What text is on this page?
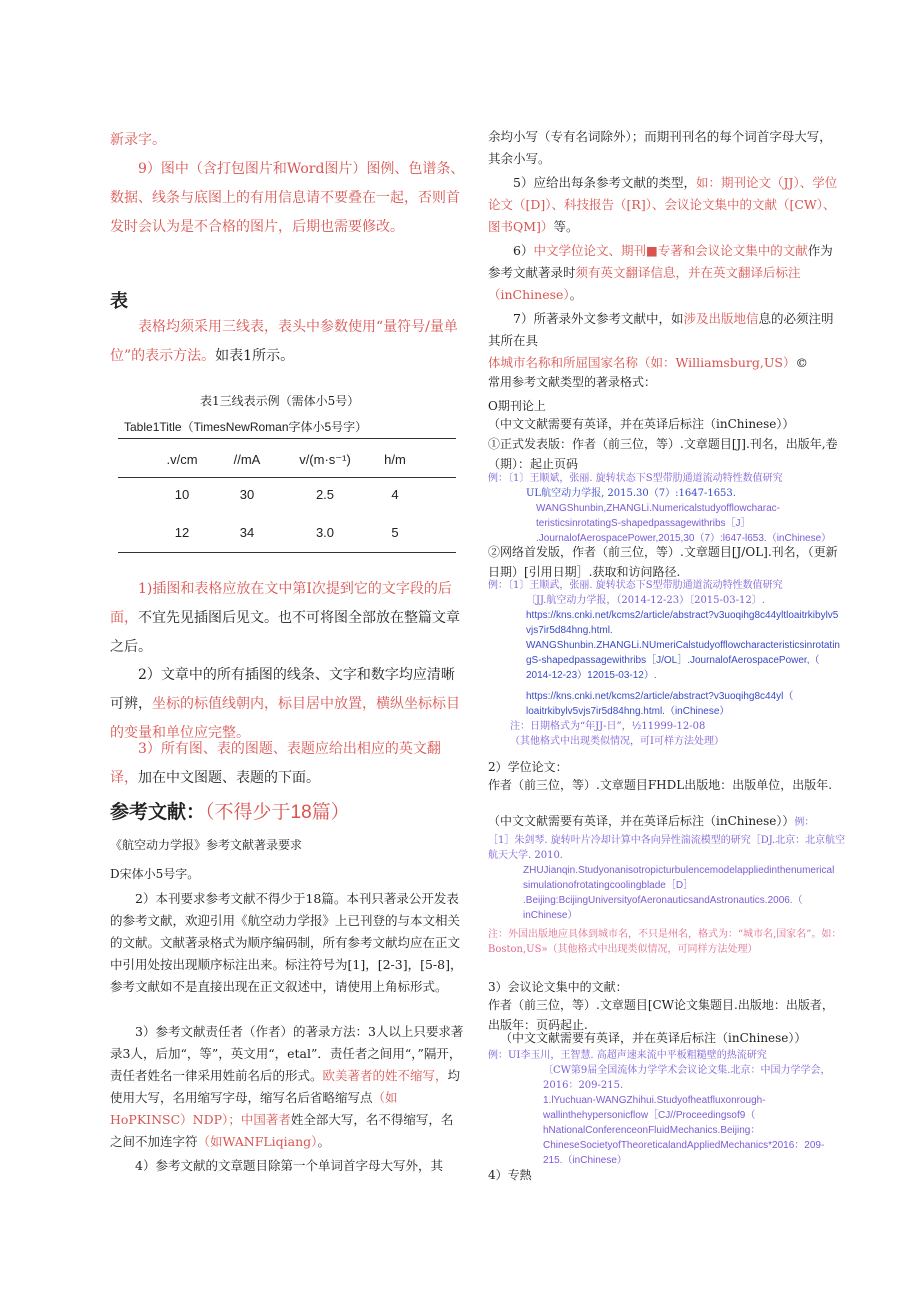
新录字。
9）图中（含打包图片和Word图片）图例、色谱条、数据、线条与底图上的有用信息请不要叠在一起，否则首发时会认为是不合格的图片，后期也需要修改。
表
表格均须采用三线表，表头中参数使用“量符号/量单位”的表示方法。如表1所示。
表1三线表示例（需体小5号）
Table1Title（TimesNewRoman字体小5号字）
.v/cm	//mA	v/(m·s⁻¹)	h/m
10	30	2.5	4
12	34	3.0	5
1)插图和表格应放在文中第Ⅰ次提到它的文字段的后面，不宜先见插图后见文。也不可将图全部放在整篇文章之后。
2）文章中的所有插图的线条、文字和数字均应清晰可辨，坐标的标值线朝内，标目居中放置，横纵坐标标目的变量和单位应完整。
3）所有图、表的图题、表题应给出相应的英文翻译，加在中文图题、表题的下面。
参考文献：（不得少于18篇）
《航空动力学报》参考文献著录要求
D宋体小5号字。
2）本刊要求参考文献不得少于18篇。本刊只著录公开发表的参考文献，欢迎引用《航空动力学报》上已刊登的与本文相关的文献。文献著录格式为顺序编码制，所有参考文献均应在正文中引用处按出现顺序标注出来。标注符号为[1]，[2-3]，[5-8]，参考文献如不是直接出现在正文叙述中，请使用上角标形式。
3）参考文献责任者（作者）的著录方法：3人以上只要求著录3人，后加“，等”，英文用“，etal”．责任者之间用“，”隔开，责任者姓名一律采用姓前名后的形式。欧美著者的姓不缩写，均使用大写，名用缩写字母，缩写名后省略缩写点（如HoPKINSC）NDP）；中国著者姓全部大写，名不得缩写，名之间不加连字符（如WANFLiqiang）。
4）参考文献的文章题目除第一个单词首字母大写外，其
余均小写（专有名词除外）；而期刊刊名的每个词首字母大写，其余小写。
5）应给出每条参考文献的类型，如：期刊论文（JJ）、学位论文（[D]）、科技报告（[R]）、会议论文集中的文献（[CW）、图书QM]）等。
6）中文学位论文、期刊■专著和会议论文集中的文献作为参考文献著录时须有英文翻译信息，并在英文翻译后标注（inChinese）。
7）所著录外文参考文献中，如涉及出版地信息的必须注明其所在具体城市名称和所屈国家名称（如：Williamsburg,US）©
常用参考文献类型的著录格式：
O期刊论上
（中文文献需要有英译，并在英译后标注（inChinese））
①正式发表版：作者（前三位，等）.文章题目[J].刊名，出版年,卷（期）：起止页码
例：〔1〕王顺斌，张丽. 旋转状态下S型带肋通道流动特性数值研究
UL航空动力学报, 2015.30（7）:1647-1653.
WANGShunbin,ZHANGLi.Numericalstudyofflowcharac-
teristicsinrotatingS-shapedpassagewithribs［J］
.JournalofAerospacePower,2015,30（7）:l647-l653.（inChinese）
②网络首发版，作者（前三位，等）.文章题目[J/OL].刊名，（更新日期）[引用日期］.获取和访问路径.
例：〔1〕王顺武，张丽. 旋转状态下S型带肋通道流动特性数值研究
〔JJ.航空动力学报，（2014-12-23）〔2015-03-12〕.
https://kns.cnki.net/kcms2/article/abstract?v3uoqihg8c44yltloaitrkibylv5
vjs7ir5d84hng.html.
WANGShunbin.ZHANGLi.NUmeriCalstudyofflowcharacteristicsinrotatin
gS-shapedpassagewithribs［J/OL］.JournalofAerospacePower,（
2014-12-23）12015-03-12）.
https://kns.cnki.net/kcms2/article/abstract?v3uoqihg8c44yl（
loaitrkibylv5vjs7ir5d84hng.html.（inChinese）
注：日期格式为“年JJ-日”，½11999-12-08
（其他格式中出现类似情况，可I可样方法处理）
2）学位论文：
作者（前三位，等）.文章题目FHDL出版地：出版单位，出版年.
（中文文献需要有英译，并在英译后标注（inChinese））例：
［1］朱剑琴. 旋转叶片冷却计算中各向异性湍流模型的研究［DJ.北京：北京航空航天大学. 2010.
ZHUJianqin.Studyonanisotropicturbulencemodelappliedinthenumerical
simulationofrotatingcoolingblade［D］
.Beijing:BcijingUniversityofAeronauticsandAstronautics.2006.（
inChinese）
注：外国出版地应具体到城市名，不只是州名，格式为：“城市名,国家名”。如：Boston,US»（其他格式中出现类似情况，可同样方法处理）
3）会议论文集中的文献：
作者（前三位，等）.文章题目[CW论文集题目.出版地：出版者，出版年：页码起止.
（中文文献需要有英译，并在英译后标注（inChinese））
例：UI李玉川，王智慧. 高超声速来流中平板粗糙壁的热流研究
〔CW第9届全国流体力学学术会议论文集.北京：中国力学学会，2016：209-215.
1.lYuchuan-WANGZhihui.Studyofheatfluxonrough-
wallinthehypersonicflow［CJ//Proceedingsof9（
hNationalConferenceonFluidMechanics.Beijing：
ChineseSocietyofTheoreticalandAppliedMechanics*2016：209-
215.（inChinese）
4）专熱
